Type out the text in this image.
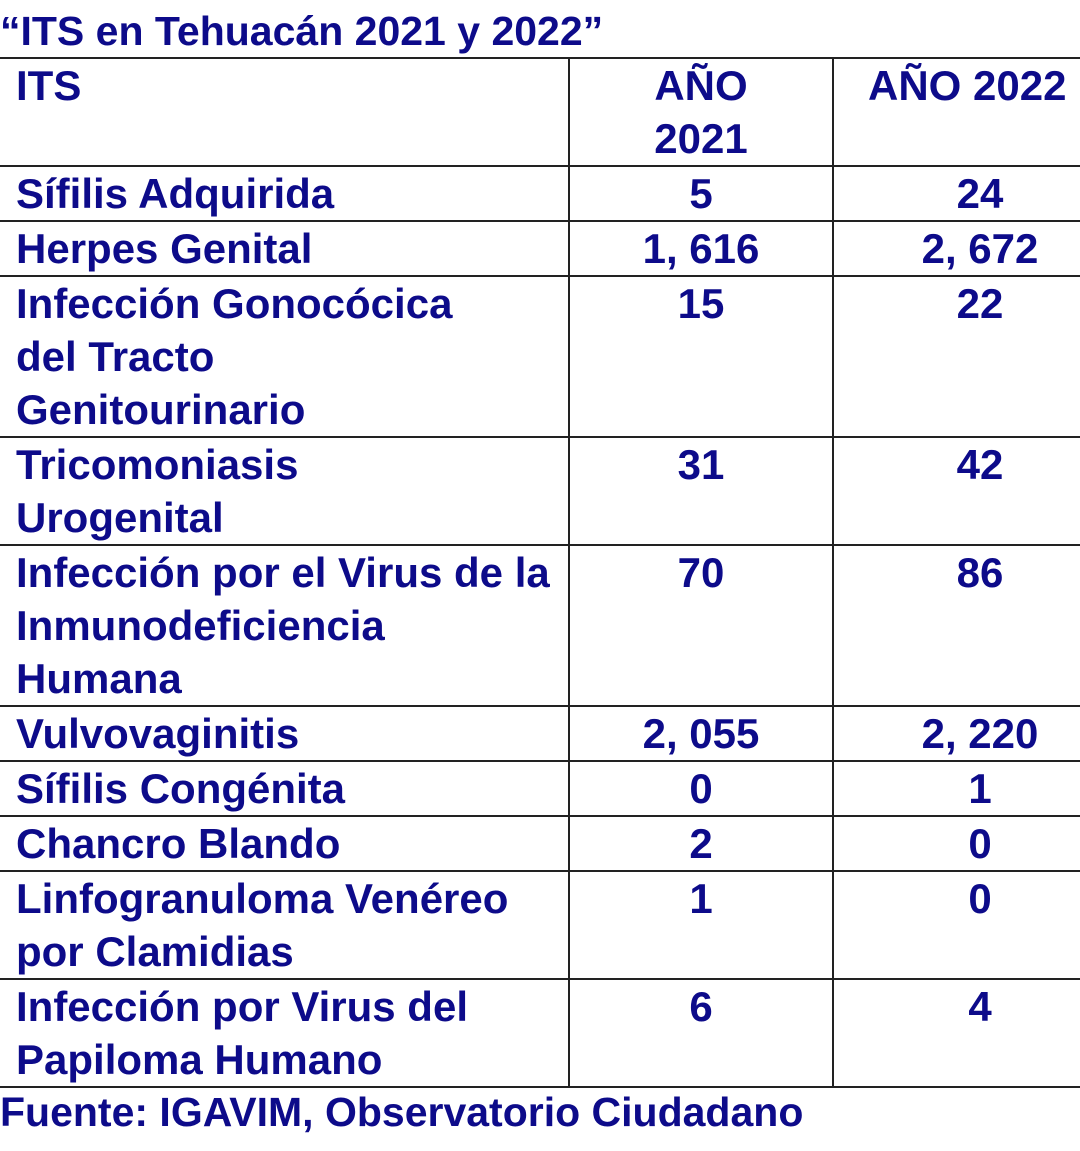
“ITS en Tehuacán 2021 y 2022”
ITS	AÑO 2021	AÑO 2022
Sífilis Adquirida	5	24
Herpes Genital	1, 616	2, 672
Infección Gonocócica del Tracto Genitourinario	15	22
Tricomoniasis Urogenital	31	42
Infección por el Virus de la Inmunodeficiencia Humana	70	86
Vulvovaginitis	2, 055	2, 220
Sífilis Congénita	0	1
Chancro Blando	2	0
Linfogranuloma Venéreo por Clamidias	1	0
Infección por Virus del Papiloma Humano	6	4
Fuente: IGAVIM, Observatorio Ciudadano
